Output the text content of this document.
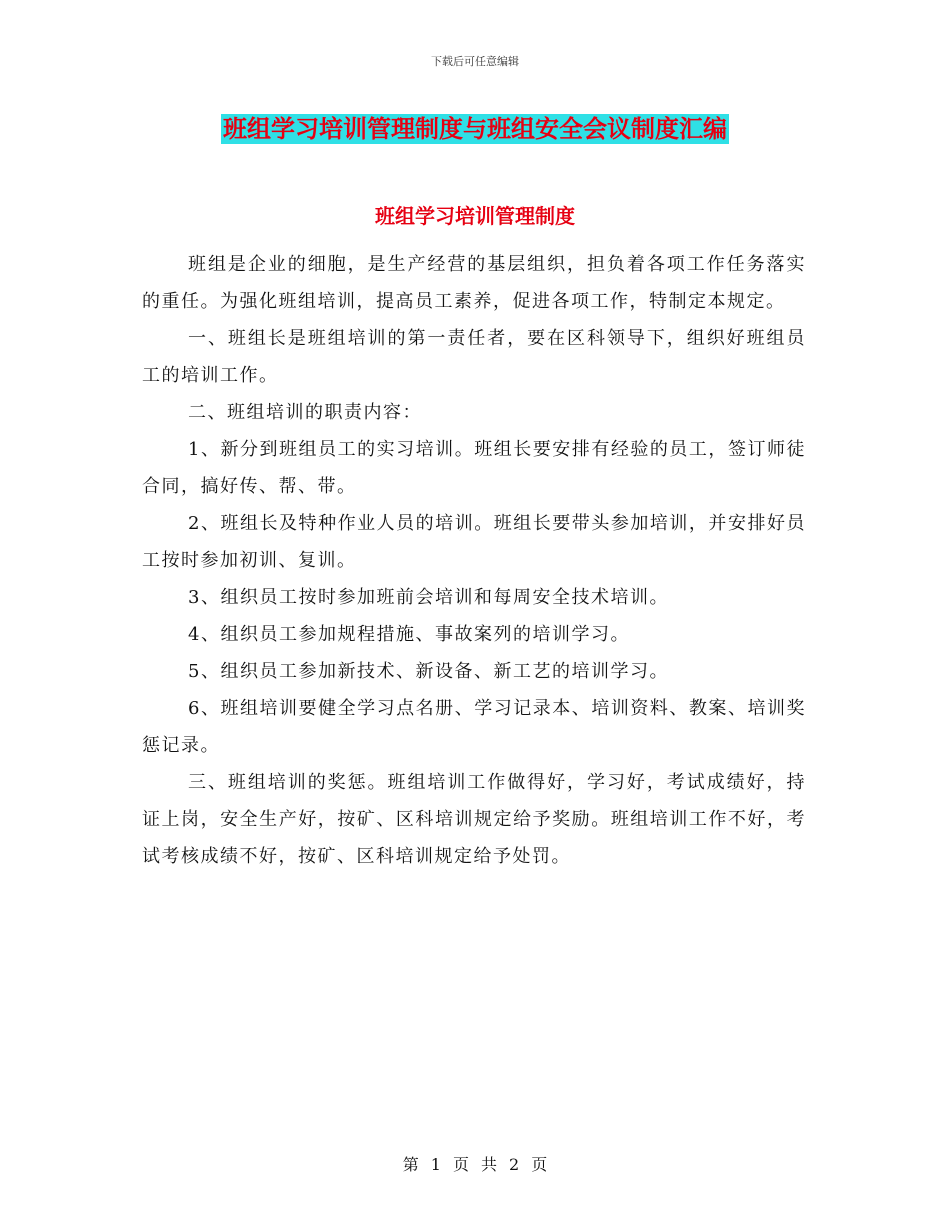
下载后可任意编辑
班组学习培训管理制度与班组安全会议制度汇编
班组学习培训管理制度

班组是企业的细胞，是生产经营的基层组织，担负着各项工作任务落实的重任。为强化班组培训，提高员工素养，促进各项工作，特制定本规定。

一、班组长是班组培训的第一责任者，要在区科领导下，组织好班组员工的培训工作。

二、班组培训的职责内容：

1、新分到班组员工的实习培训。班组长要安排有经验的员工，签订师徒合同，搞好传、帮、带。

2、班组长及特种作业人员的培训。班组长要带头参加培训，并安排好员工按时参加初训、复训。

3、组织员工按时参加班前会培训和每周安全技术培训。

4、组织员工参加规程措施、事故案列的培训学习。

5、组织员工参加新技术、新设备、新工艺的培训学习。

6、班组培训要健全学习点名册、学习记录本、培训资料、教案、培训奖惩记录。

三、班组培训的奖惩。班组培训工作做得好，学习好，考试成绩好，持证上岗，安全生产好，按矿、区科培训规定给予奖励。班组培训工作不好，考试考核成绩不好，按矿、区科培训规定给予处罚。

第 1 页 共 2 页
